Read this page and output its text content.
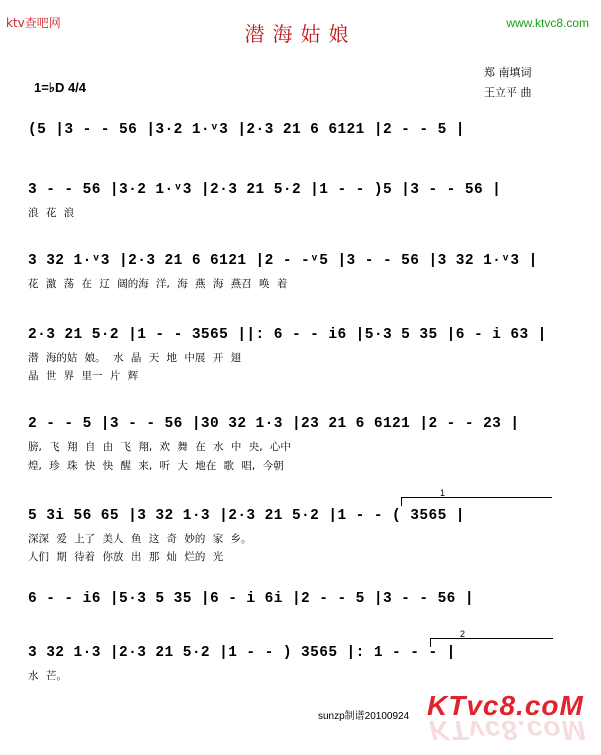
ktv查吧网	www.ktvc8.com
潜海姑娘
郑 南填词
王立平 曲
1=♭D 4/4
(5 |3 - - 56 |3·2 1·ᵛ3 |2·3 21 6 6121 |2 - - 5 |
3 - - 56 |3·2 1·ᵛ3 |2·3 21 5·2 |1 - - )5 |3 - - 56 |
浪 花 浪
3 32 1·ᵛ3 |2·3 21 6 6121 |2 - -ᵛ5 |3 - - 56 |3 32 1·ᵛ3 |
花 激 荡 在 辽 阔的海 洋, 海 燕 海 燕召 唤 着
2·3 21 5·2 |1 - - 3565 ||: 6 - - i6 |5·3 5 35 |6 - i 63 |
潜 海的姑 娘。 水 晶 天 地 中展 开 翅
晶 世 界 里一 片 辉
2 - - 5 |3 - - 56 |30 32 1·3 |23 21 6 6121 |2 - - 23 |
膀, 飞 翔 自 由 飞 翔, 欢 舞 在 水 中 央, 心中
煌, 珍 珠 快 快 醒 来, 听 大 地在 歌 唱, 今朝
1
5 3i 56 65 |3 32 1·3 |2·3 21 5·2 |1 - - ( 3565 |
深深 爱 上了 美人 鱼 这 奇 妙的 家 乡。
人们 期 待着 你放 出 那 灿 烂的 光
6 - - i6 |5·3 5 35 |6 - i 6i |2 - - 5 |3 - - 56 |
2
3 32 1·3 |2·3 21 5·2 |1 - - ) 3565 |: 1 - - - |
水 芒。
sunzp制谱20100924 KTvc8.coM
KTvc8.coM
